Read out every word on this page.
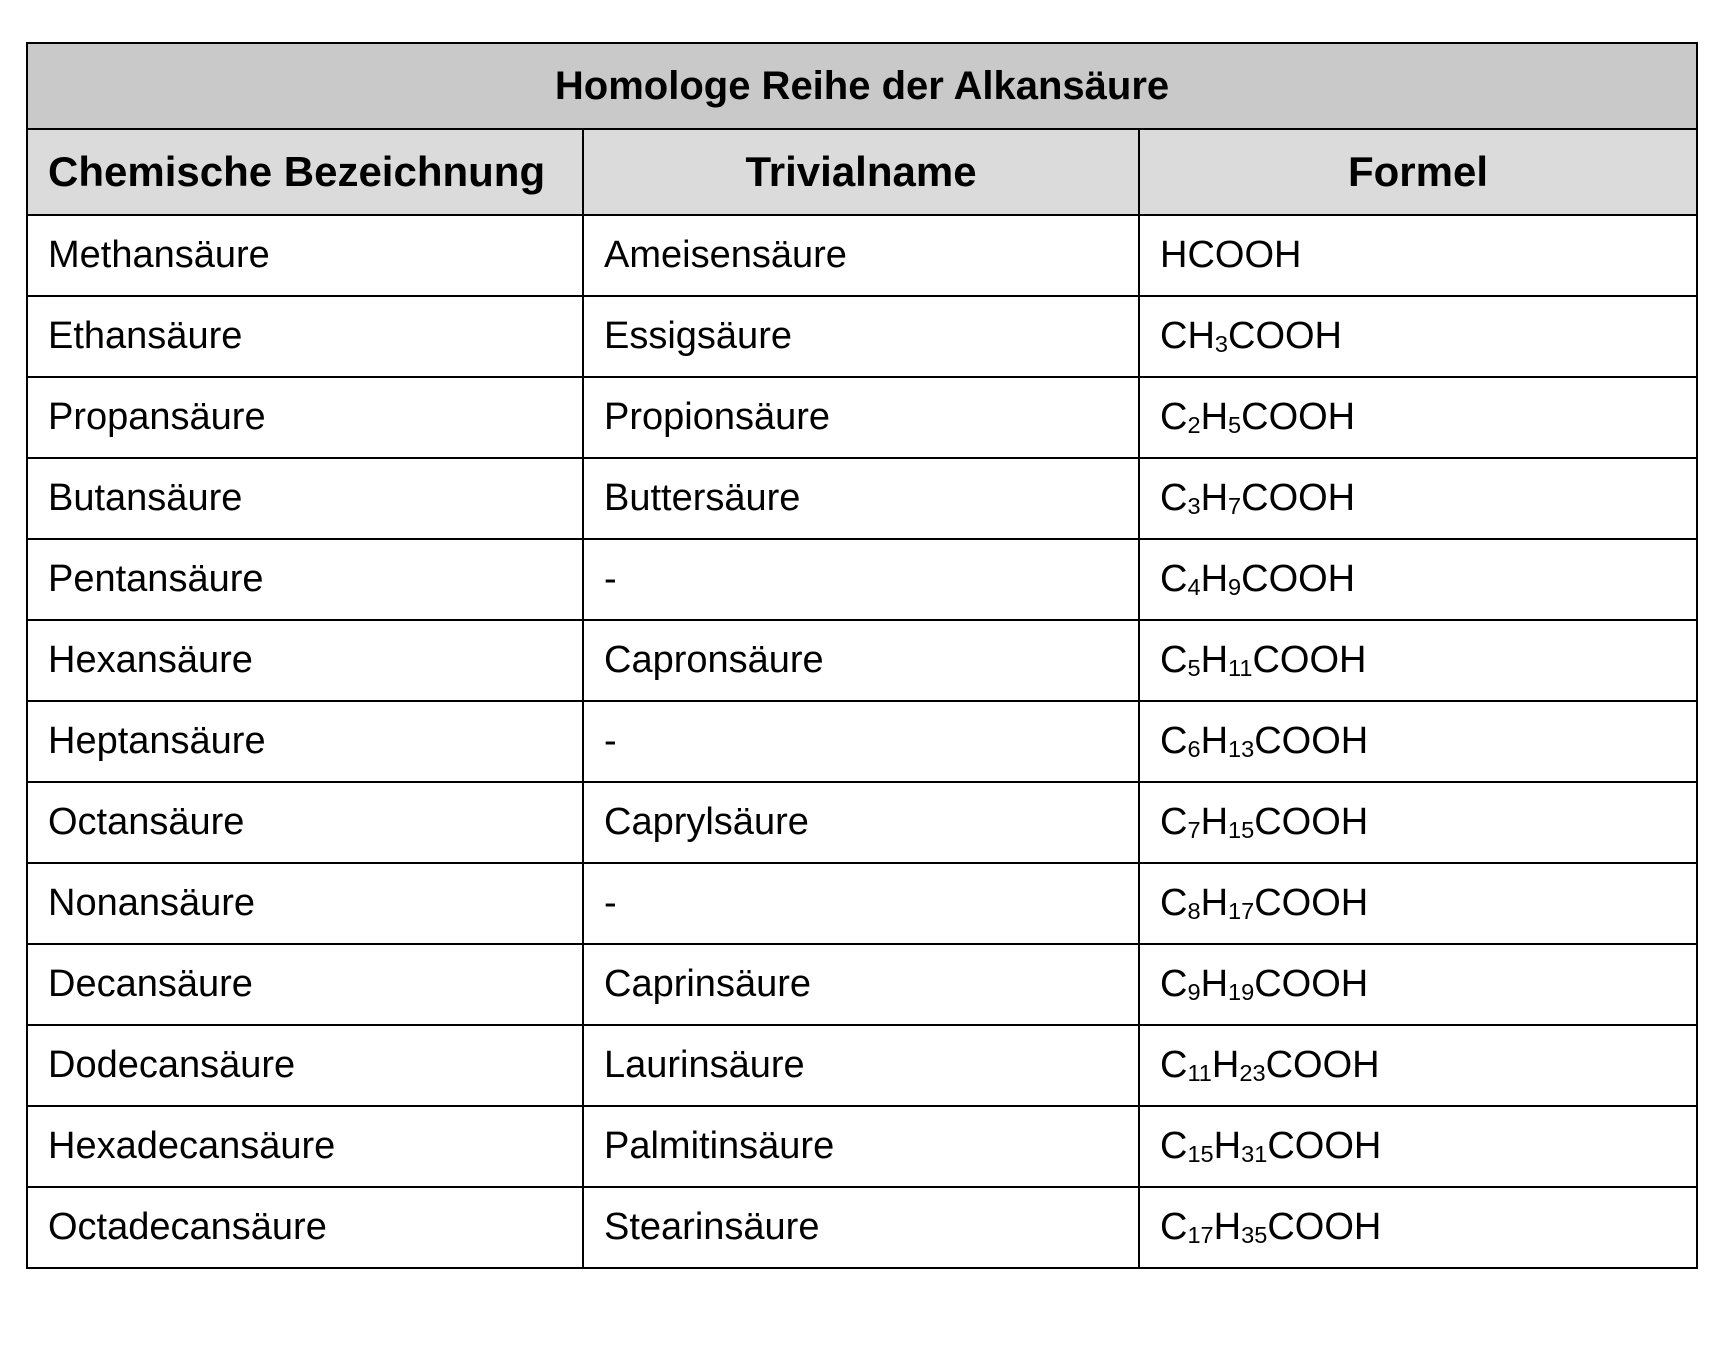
Homologe Reihe der Alkansäure		
Chemische Bezeichnung	Trivialname	Formel
Methansäure	Ameisensäure	HCOOH
Ethansäure	Essigsäure	$CH_3COOH$
Propansäure	Propionsäure	$C_2H_5COOH$
Butansäure	Buttersäure	$C_3H_7COOH$
Pentansäure	-	$C_4H_9COOH$
Hexansäure	Capronsäure	$C_5H_{11}COOH$
Heptansäure	-	$C_6H_{13}COOH$
Octansäure	Caprylsäure	$C_7H_{15}COOH$
Nonansäure	-	$C_8H_{17}COOH$
Decansäure	Caprinsäure	$C_9H_{19}COOH$
Dodecansäure	Laurinsäure	$C_{11}H_{23}COOH$
Hexadecansäure	Palmitinsäure	$C_{15}H_{31}COOH$
Octadecansäure	Stearinsäure	$C_{17}H_{35}COOH$
